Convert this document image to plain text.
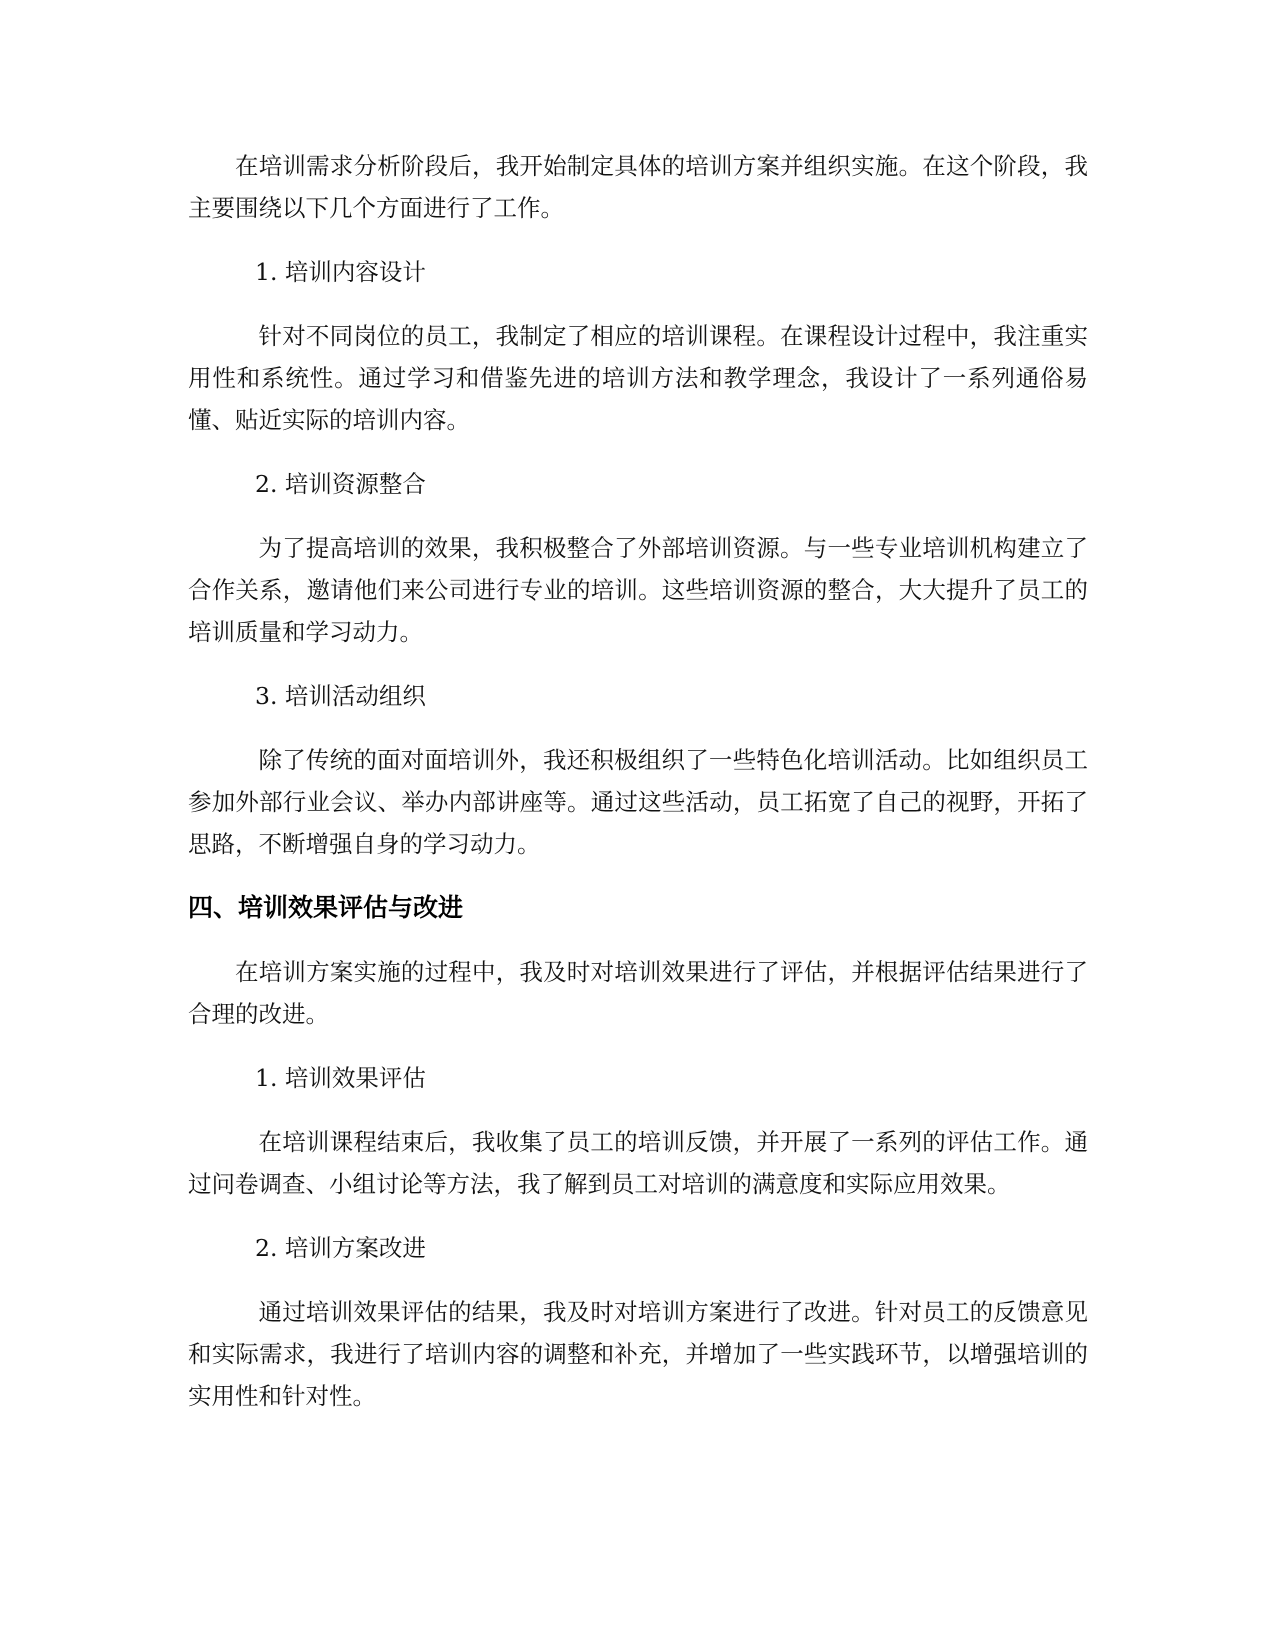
在培训需求分析阶段后，我开始制定具体的培训方案并组织实施。在这个阶段，我主要围绕以下几个方面进行了工作。

1. 培训内容设计

针对不同岗位的员工，我制定了相应的培训课程。在课程设计过程中，我注重实用性和系统性。通过学习和借鉴先进的培训方法和教学理念，我设计了一系列通俗易懂、贴近实际的培训内容。

2. 培训资源整合

为了提高培训的效果，我积极整合了外部培训资源。与一些专业培训机构建立了合作关系，邀请他们来公司进行专业的培训。这些培训资源的整合，大大提升了员工的培训质量和学习动力。

3. 培训活动组织

除了传统的面对面培训外，我还积极组织了一些特色化培训活动。比如组织员工参加外部行业会议、举办内部讲座等。通过这些活动，员工拓宽了自己的视野，开拓了思路，不断增强自身的学习动力。

四、培训效果评估与改进

在培训方案实施的过程中，我及时对培训效果进行了评估，并根据评估结果进行了合理的改进。

1. 培训效果评估

在培训课程结束后，我收集了员工的培训反馈，并开展了一系列的评估工作。通过问卷调查、小组讨论等方法，我了解到员工对培训的满意度和实际应用效果。

2. 培训方案改进

通过培训效果评估的结果，我及时对培训方案进行了改进。针对员工的反馈意见和实际需求，我进行了培训内容的调整和补充，并增加了一些实践环节，以增强培训的实用性和针对性。
